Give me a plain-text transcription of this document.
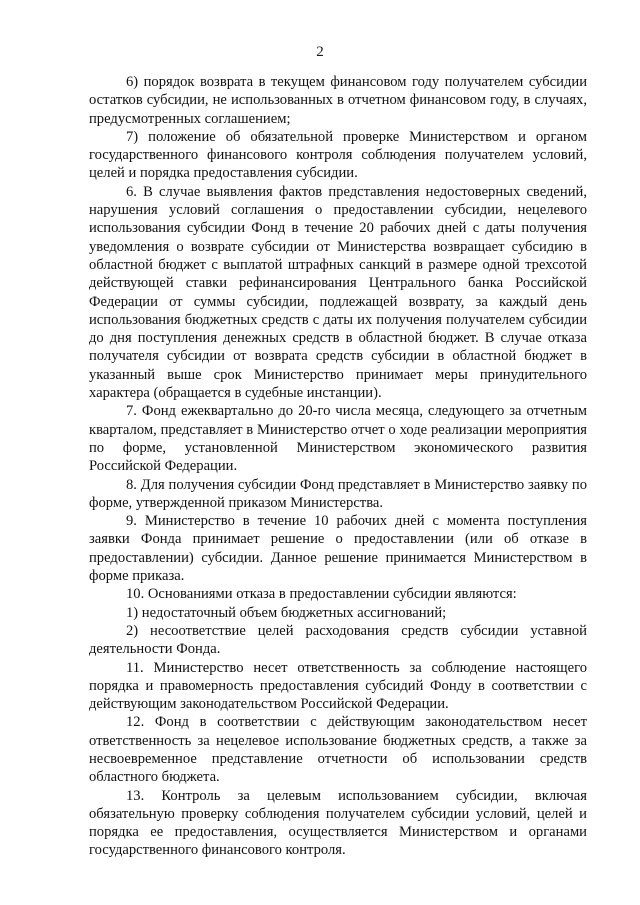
2

6) порядок возврата в текущем финансовом году получателем субсидии остатков субсидии, не использованных в отчетном финансовом году, в случаях, предусмотренных соглашением;

7) положение об обязательной проверке Министерством и органом государственного финансового контроля соблюдения получателем условий, целей и порядка предоставления субсидии.

6. В случае выявления фактов представления недостоверных сведений, нарушения условий соглашения о предоставлении субсидии, нецелевого использования субсидии Фонд в течение 20 рабочих дней с даты получения уведомления о возврате субсидии от Министерства возвращает субсидию в областной бюджет с выплатой штрафных санкций в размере одной трехсотой действующей ставки рефинансирования Центрального банка Российской Федерации от суммы субсидии, подлежащей возврату, за каждый день использования бюджетных средств с даты их получения получателем субсидии до дня поступления денежных средств в областной бюджет. В случае отказа получателя субсидии от возврата средств субсидии в областной бюджет в указанный выше срок Министерство принимает меры принудительного характера (обращается в судебные инстанции).

7. Фонд ежеквартально до 20-го числа месяца, следующего за отчетным кварталом, представляет в Министерство отчет о ходе реализации мероприятия по форме, установленной Министерством экономического развития Российской Федерации.

8. Для получения субсидии Фонд представляет в Министерство заявку по форме, утвержденной приказом Министерства.

9. Министерство в течение 10 рабочих дней с момента поступления заявки Фонда принимает решение о предоставлении (или об отказе в предоставлении) субсидии. Данное решение принимается Министерством в форме приказа.

10. Основаниями отказа в предоставлении субсидии являются:

1) недостаточный объем бюджетных ассигнований;

2) несоответствие целей расходования средств субсидии уставной деятельности Фонда.

11. Министерство несет ответственность за соблюдение настоящего порядка и правомерность предоставления субсидий Фонду в соответствии с действующим законодательством Российской Федерации.

12. Фонд в соответствии с действующим законодательством несет ответственность за нецелевое использование бюджетных средств, а также за несвоевременное представление отчетности об использовании средств областного бюджета.

13. Контроль за целевым использованием субсидии, включая обязательную проверку соблюдения получателем субсидии условий, целей и порядка ее предоставления, осуществляется Министерством и органами государственного финансового контроля.
